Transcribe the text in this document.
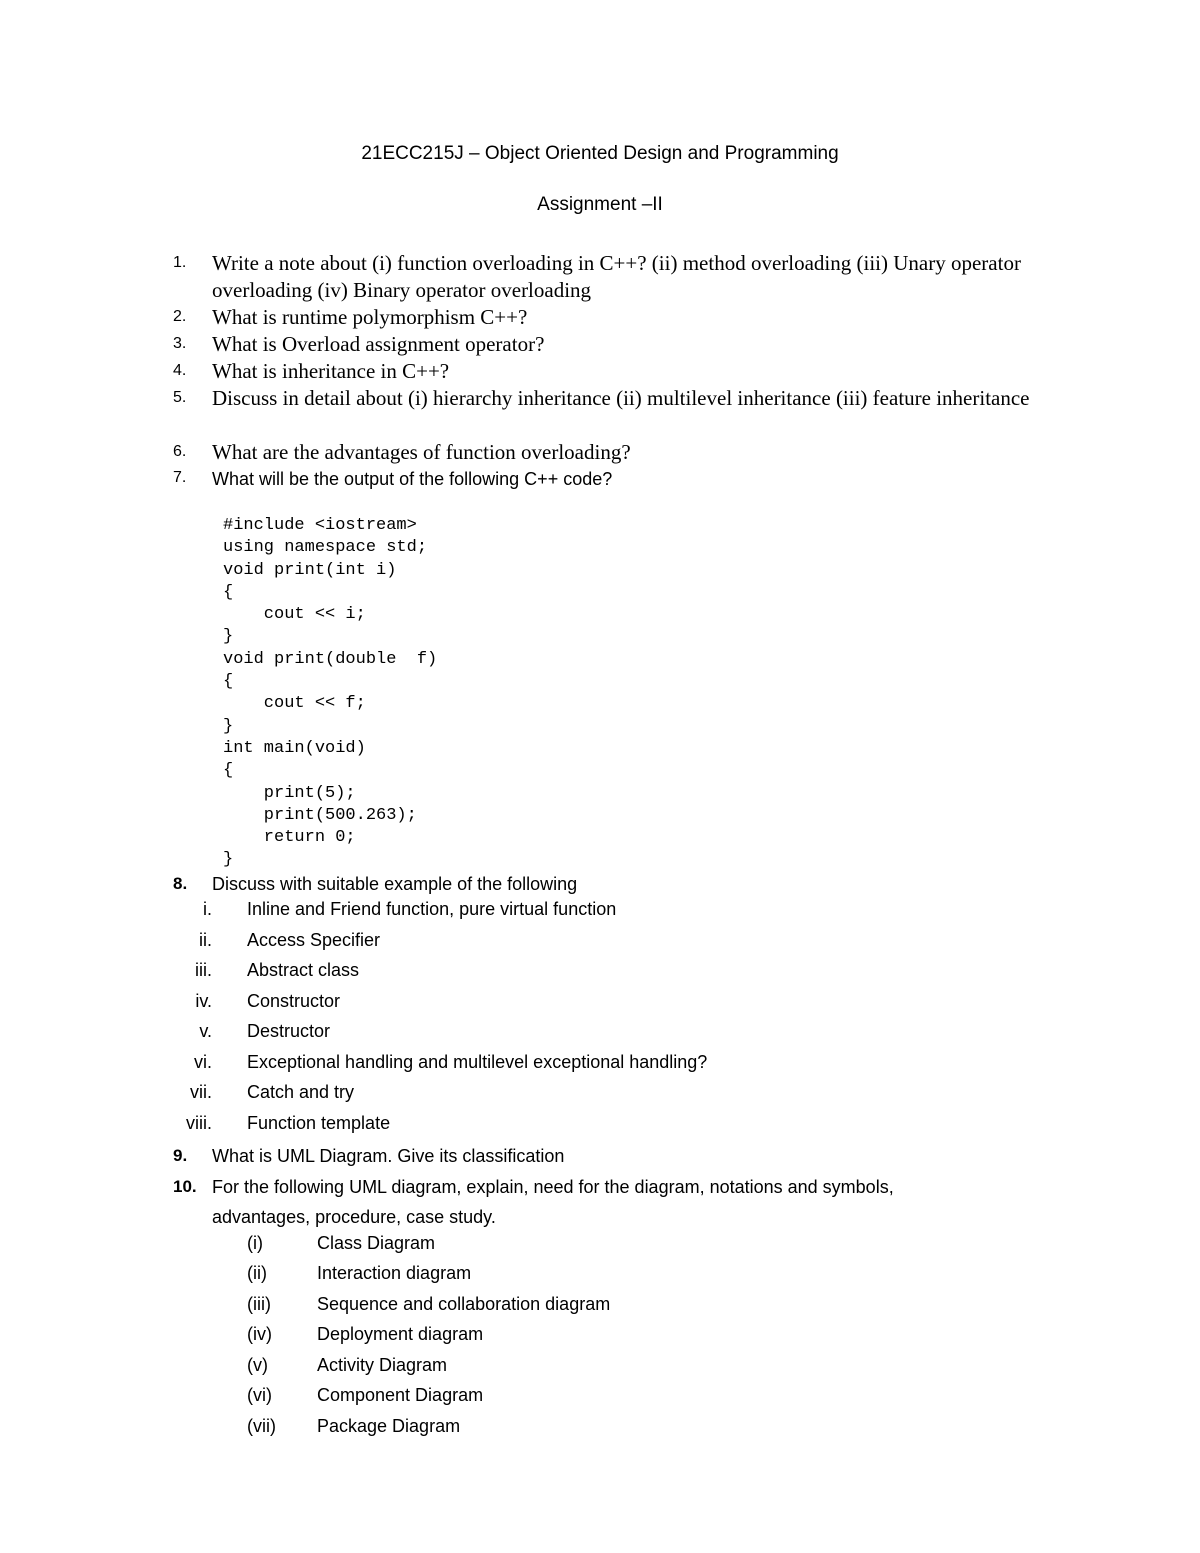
21ECC215J – Object Oriented Design and Programming
Assignment –II
1. Write a note about (i) function overloading in C++? (ii) method overloading (iii) Unary operator overloading (iv) Binary operator overloading
2. What is runtime polymorphism C++?
3. What is Overload assignment operator?
4. What is inheritance in C++?
5. Discuss in detail about (i) hierarchy inheritance (ii) multilevel inheritance (iii) feature inheritance
6. What are the advantages of function overloading?
7. What will be the output of the following C++ code?
#include <iostream>
using namespace std;
void print(int i)
{
cout << i;
}
void print(double  f)
{
cout << f;
}
int main(void)
{
print(5);
print(500.263);
return 0;
}
8. Discuss with suitable example of the following
i. Inline and Friend function, pure virtual function
ii. Access Specifier
iii. Abstract class
iv. Constructor
v. Destructor
vi. Exceptional handling and multilevel exceptional handling?
vii. Catch and try
viii. Function template
9. What is UML Diagram. Give its classification
10. For the following UML diagram, explain, need for the diagram, notations and symbols, advantages, procedure, case study.
(i)	Class Diagram
(ii)	Interaction diagram
(iii)	Sequence and collaboration diagram
(iv)	Deployment diagram
(v)	Activity Diagram
(vi)	Component Diagram
(vii) Package Diagram
